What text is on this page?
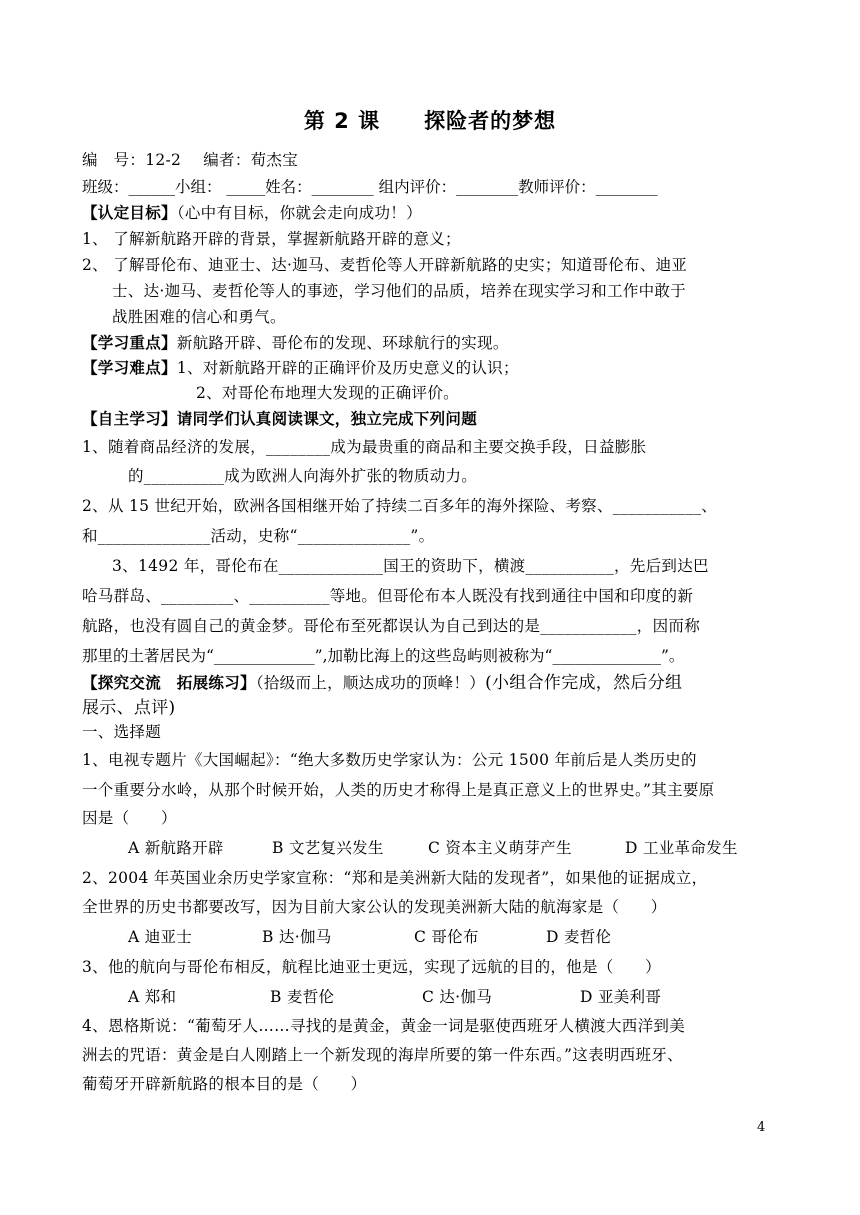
第 2 课　　探险者的梦想
编　号：12-2 编者：荀杰宝
班级：______小组： _____姓名：________ 组内评价：________教师评价：________
【认定目标】（心中有目标，你就会走向成功！）
1、 了解新航路开辟的背景，掌握新航路开辟的意义；
2、 了解哥伦布、迪亚士、达·迦马、麦哲伦等人开辟新航路的史实；知道哥伦布、迪亚
士、达·迦马、麦哲伦等人的事迹，学习他们的品质，培养在现实学习和工作中敢于
战胜困难的信心和勇气。
【学习重点】新航路开辟、哥伦布的发现、环球航行的实现。
【学习难点】1、对新航路开辟的正确评价及历史意义的认识；
2、对哥伦布地理大发现的正确评价。
【自主学习】请同学们认真阅读课文，独立完成下列问题
1、随着商品经济的发展，________成为最贵重的商品和主要交换手段，日益膨胀
的__________成为欧洲人向海外扩张的物质动力。
2、从 15 世纪开始，欧洲各国相继开始了持续二百多年的海外探险、考察、___________、
和______________活动，史称“______________”。
3、1492 年，哥伦布在_____________国王的资助下，横渡___________，先后到达巴
哈马群岛、_________、__________等地。但哥伦布本人既没有找到通往中国和印度的新
航路，也没有圆自己的黄金梦。哥伦布至死都误认为自己到达的是____________，因而称
那里的土著居民为“_____________”,加勒比海上的这些岛屿则被称为“______________”。
【探究交流　拓展练习】（拾级而上，顺达成功的顶峰！）(小组合作完成，然后分组
展示、点评)
一、选择题
1、电视专题片《大国崛起》：“绝大多数历史学家认为：公元 1500 年前后是人类历史的
一个重要分水岭，从那个时候开始，人类的历史才称得上是真正意义上的世界史。”其主要原
因是（　　）
A 新航路开辟	B 文艺复兴发生	C 资本主义萌芽产生	D 工业革命发生
2、2004 年英国业余历史学家宣称：“郑和是美洲新大陆的发现者”，如果他的证据成立，
全世界的历史书都要改写，因为目前大家公认的发现美洲新大陆的航海家是（　　）
A 迪亚士	B 达·伽马	C 哥伦布	D 麦哲伦
3、他的航向与哥伦布相反，航程比迪亚士更远，实现了远航的目的，他是（　　）
A 郑和	B 麦哲伦	C 达·伽马	D 亚美利哥
4、恩格斯说：“葡萄牙人……寻找的是黄金，黄金一词是驱使西班牙人横渡大西洋到美
洲去的咒语：黄金是白人刚踏上一个新发现的海岸所要的第一件东西。”这表明西班牙、
葡萄牙开辟新航路的根本目的是（　　）
4
